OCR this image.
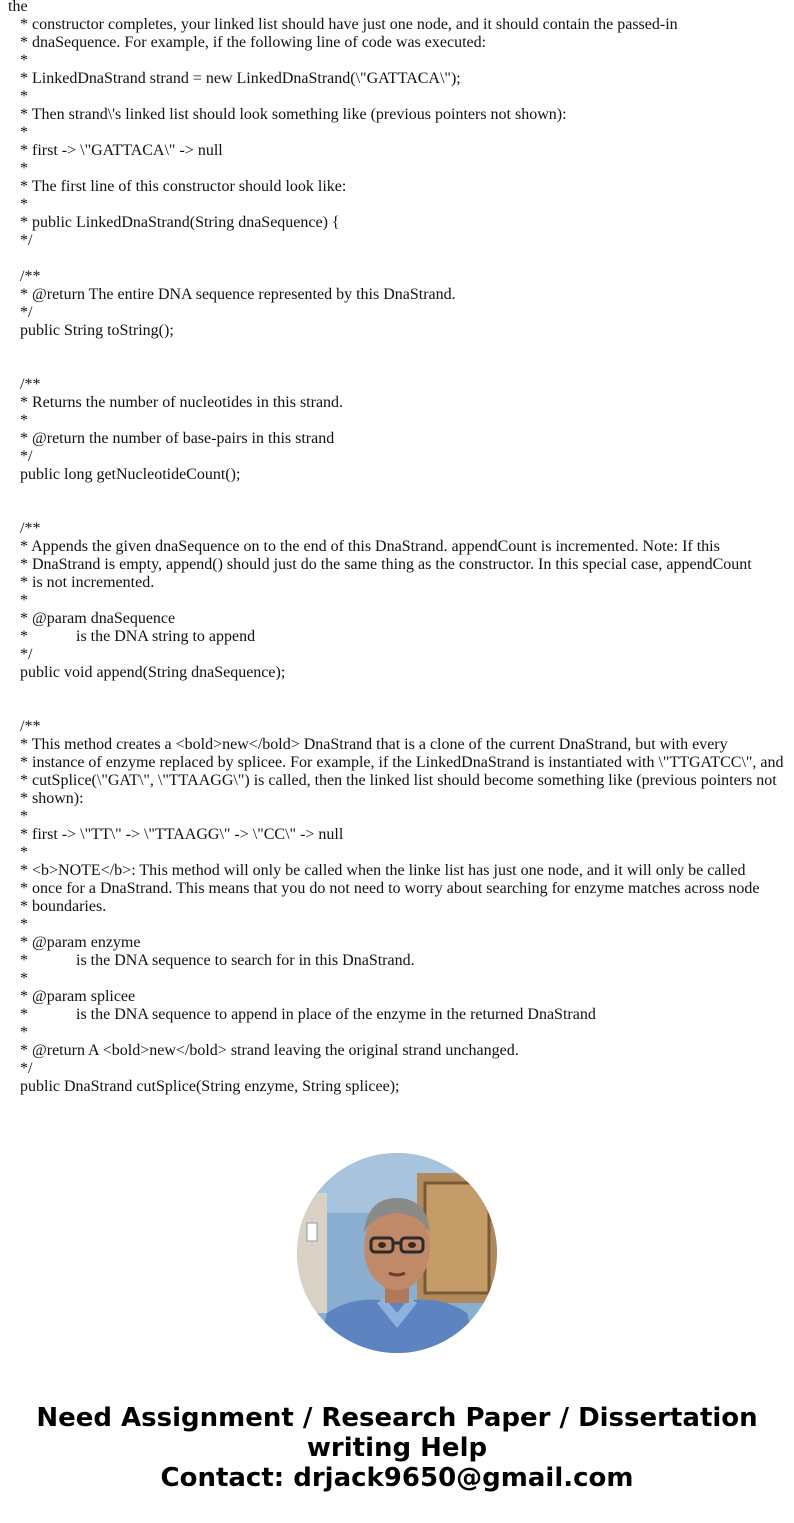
the
* constructor completes, your linked list should have just one node, and it should contain the passed-in
* dnaSequence. For example, if the following line of code was executed:
*
* LinkedDnaStrand strand = new LinkedDnaStrand(\"GATTACA\");
*
* Then strand\'s linked list should look something like (previous pointers not shown):
*
* first -> \"GATTACA\" -> null
*
* The first line of this constructor should look like:
*
* public LinkedDnaStrand(String dnaSequence) {
*/
/**
* @return The entire DNA sequence represented by this DnaStrand.
*/
public String toString();
/**
* Returns the number of nucleotides in this strand.
*
* @return the number of base-pairs in this strand
*/
public long getNucleotideCount();
/**
* Appends the given dnaSequence on to the end of this DnaStrand. appendCount is incremented. Note: If this
* DnaStrand is empty, append() should just do the same thing as the constructor. In this special case, appendCount
* is not incremented.
*
* @param dnaSequence
*            is the DNA string to append
*/
public void append(String dnaSequence);
/**
* This method creates a <bold>new</bold> DnaStrand that is a clone of the current DnaStrand, but with every
* instance of enzyme replaced by splicee. For example, if the LinkedDnaStrand is instantiated with \"TTGATCC\", and
* cutSplice(\"GAT\", \"TTAAGG\") is called, then the linked list should become something like (previous pointers not
* shown):
*
* first -> \"TT\" -> \"TTAAGG\" -> \"CC\" -> null
*
* <b>NOTE</b>: This method will only be called when the linke list has just one node, and it will only be called
* once for a DnaStrand. This means that you do not need to worry about searching for enzyme matches across node
* boundaries.
*
* @param enzyme
*            is the DNA sequence to search for in this DnaStrand.
*
* @param splicee
*            is the DNA sequence to append in place of the enzyme in the returned DnaStrand
*
* @return A <bold>new</bold> strand leaving the original strand unchanged.
*/
public DnaStrand cutSplice(String enzyme, String splicee);
Need Assignment / Research Paper / Dissertation
writing Help
Contact: drjack9650@gmail.com
